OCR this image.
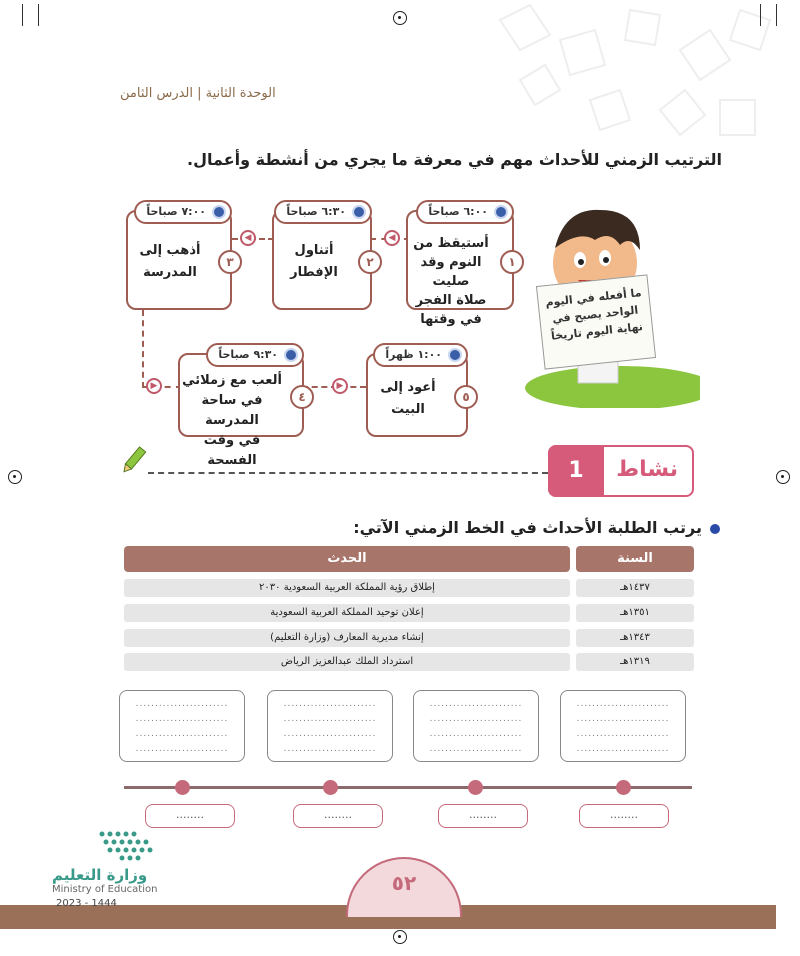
الوحدة الثانية | الدرس الثامن
الترتيب الزمني للأحداث مهم في معرفة ما يجري من أنشطة وأعمال.
ما أفعله في اليوم
الواحد يصبح في
نهاية اليوم تاريخاً
◀	◀
▶	▶
٦:٠٠ صباحاً
أستيقظ من
النوم وقد صليت
صلاة الفجر
في وقتها
١
٦:٣٠ صباحاً
أتناول
الإفطار
٢
٧:٠٠ صباحاً
أذهب إلى
المدرسة
٣
٩:٣٠ صباحاً
ألعب مع زملائي
في ساحة المدرسة
في وقت الفسحة
٤
١:٠٠ ظهراً
أعود إلى
البيت
٥
1	نشاط
يرتب الطلبة الأحداث في الخط الزمني الآتي:
السنة
الحدث
١٤٣٧هـ
إطلاق رؤية المملكة العربية السعودية ٢٠٣٠
١٣٥١هـ
إعلان توحيد المملكة العربية السعودية
١٣٤٣هـ
إنشاء مديرية المعارف (وزارة التعليم)
١٣١٩هـ
استرداد الملك عبدالعزيز الرياض
........................
........................
........................
........................
........................
........................
........................
........................
........................
........................
........................
........................
........................
........................
........................
........................
........	........	........	........
وزارة التعليم
Ministry of Education
2023 - 1444
٥٢
